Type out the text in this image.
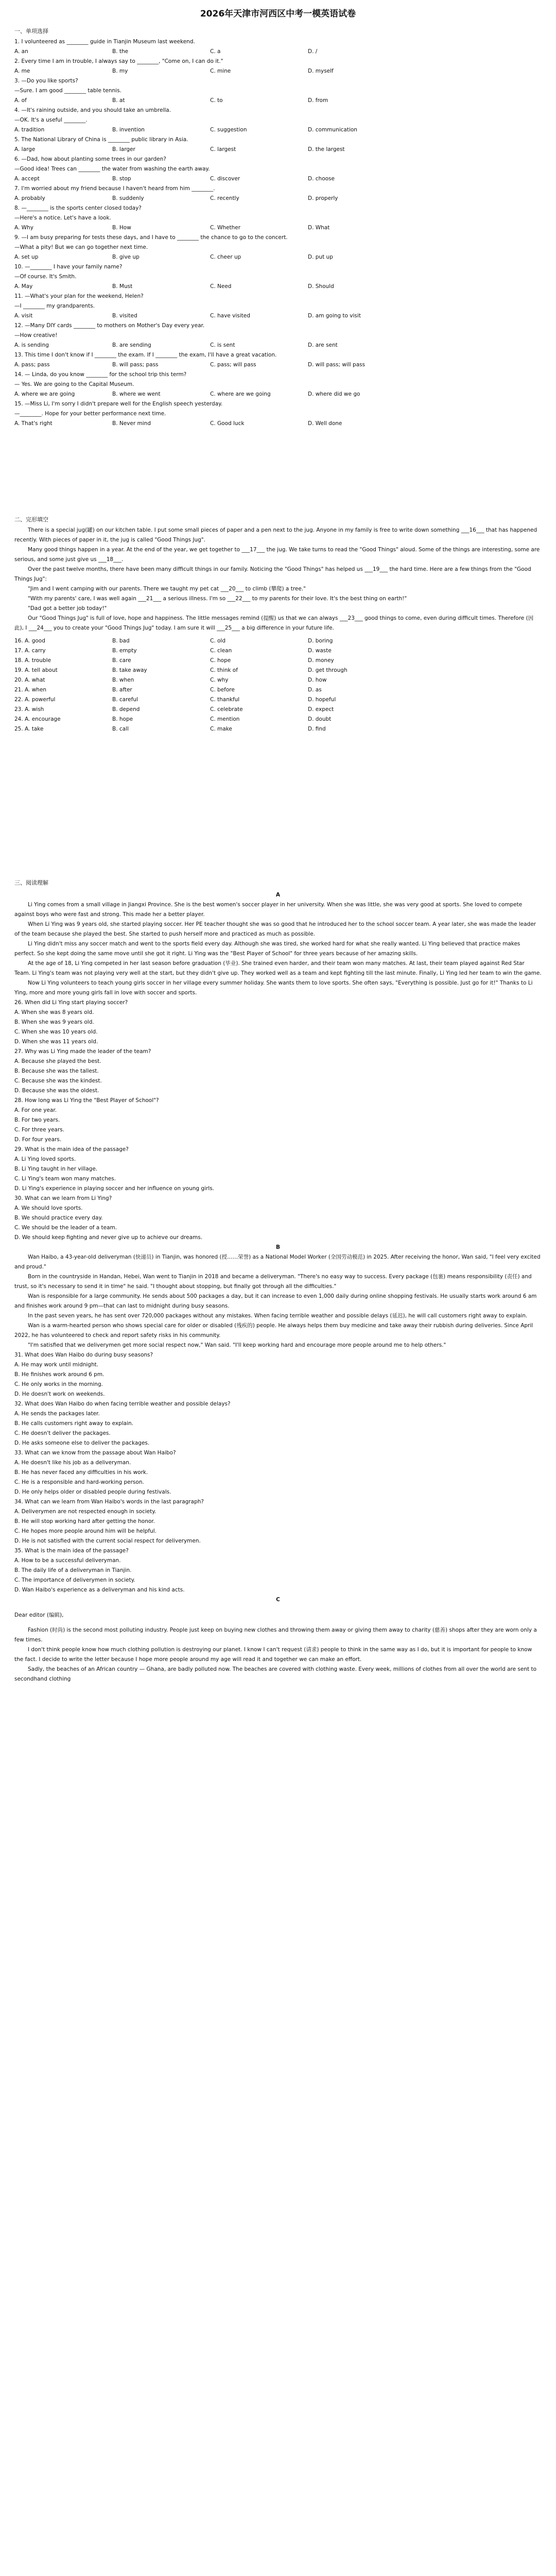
2026年天津市河西区中考一模英语试卷
一、单项选择
1. I volunteered as ________ guide in Tianjin Museum last weekend.
A. an	B. the	C. a	D. /
2. Every time I am in trouble, I always say to ________, "Come on, I can do it."
A. me	B. my	C. mine	D. myself
3. —Do you like sports?
—Sure. I am good ________ table tennis.
A. of	B. at	C. to	D. from
4. —It's raining outside, and you should take an umbrella.
—OK. It's a useful ________.
A. tradition	B. invention	C. suggestion	D. communication
5. The National Library of China is ________ public library in Asia.
A. large	B. larger	C. largest	D. the largest
6. —Dad, how about planting some trees in our garden?
—Good idea! Trees can ________ the water from washing the earth away.
A. accept	B. stop	C. discover	D. choose
7. I'm worried about my friend because I haven't heard from him ________.
A. probably	B. suddenly	C. recently	D. properly
8. —________ is the sports center closed today?
—Here's a notice. Let's have a look.
A. Why	B. How	C. Whether	D. What
9. —I am busy preparing for tests these days, and I have to ________ the chance to go to the concert.
—What a pity! But we can go together next time.
A. set up	B. give up	C. cheer up	D. put up
10. —________ I have your family name?
—Of course. It's Smith.
A. May	B. Must	C. Need	D. Should
11. —What's your plan for the weekend, Helen?
—I ________ my grandparents.
A. visit	B. visited	C. have visited	D. am going to visit
12. —Many DIY cards ________ to mothers on Mother's Day every year.
—How creative!
A. is sending	B. are sending	C. is sent	D. are sent
13. This time I don't know if I ________ the exam. If I ________ the exam, I'll have a great vacation.
A. pass; pass	B. will pass; pass	C. pass; will pass	D. will pass; will pass
14. — Linda, do you know ________ for the school trip this term?
— Yes. We are going to the Capital Museum.
A. where we are going	B. where we went	C. where are we going	D. where did we go
15. —Miss Li, I'm sorry I didn't prepare well for the English speech yesterday.
—________. Hope for your better performance next time.
A. That's right	B. Never mind	C. Good luck	D. Well done
二、完形填空

There is a special jug(罐) on our kitchen table. I put some small pieces of paper and a pen next to the jug. Anyone in my family is free to write down something ___16___ that has happened recently. With pieces of paper in it, the jug is called "Good Things Jug".

Many good things happen in a year. At the end of the year, we get together to ___17___ the jug. We take turns to read the "Good Things" aloud. Some of the things are interesting, some are serious, and some just give us ___18___.

Over the past twelve months, there have been many difficult things in our family. Noticing the "Good Things" has helped us ___19___ the hard time. Here are a few things from the "Good Things Jug":

"Jim and I went camping with our parents. There we taught my pet cat ___20___ to climb (攀爬) a tree."

"With my parents' care, I was well again ___21___ a serious illness. I'm so ___22___ to my parents for their love. It's the best thing on earth!"

"Dad got a better job today!"

Our "Good Things Jug" is full of love, hope and happiness. The little messages remind (提醒) us that we can always ___23___ good things to come, even during difficult times. Therefore (因此), I ___24___ you to create your "Good Things Jug" today. I am sure it will ___25___ a big difference in your future life.

16. A. good	B. bad	C. old	D. boring
17. A. carry	B. empty	C. clean	D. waste
18. A. trouble	B. care	C. hope	D. money
19. A. tell about	B. take away	C. think of	D. get through
20. A. what	B. when	C. why	D. how
21. A. when	B. after	C. before	D. as
22. A. powerful	B. careful	C. thankful	D. hopeful
23. A. wish	B. depend	C. celebrate	D. expect
24. A. encourage	B. hope	C. mention	D. doubt
25. A. take	B. call	C. make	D. find
三、阅读理解
A

Li Ying comes from a small village in Jiangxi Province. She is the best women's soccer player in her university. When she was little, she was very good at sports. She loved to compete against boys who were fast and strong. This made her a better player.

When Li Ying was 9 years old, she started playing soccer. Her PE teacher thought she was so good that he introduced her to the school soccer team. A year later, she was made the leader of the team because she played the best. She started to push herself more and practiced as much as possible.

Li Ying didn't miss any soccer match and went to the sports field every day. Although she was tired, she worked hard for what she really wanted. Li Ying believed that practice makes perfect. So she kept doing the same move until she got it right. Li Ying was the "Best Player of School" for three years because of her amazing skills.

At the age of 18, Li Ying competed in her last season before graduation (毕业). She trained even harder, and their team won many matches. At last, their team played against Red Star Team. Li Ying's team was not playing very well at the start, but they didn't give up. They worked well as a team and kept fighting till the last minute. Finally, Li Ying led her team to win the game.

Now Li Ying volunteers to teach young girls soccer in her village every summer holiday. She wants them to love sports. She often says, "Everything is possible. Just go for it!" Thanks to Li Ying, more and more young girls fall in love with soccer and sports.

26. When did Li Ying start playing soccer?
A. When she was 8 years old.
B. When she was 9 years old.
C. When she was 10 years old.
D. When she was 11 years old.
27. Why was Li Ying made the leader of the team?
A. Because she played the best.
B. Because she was the tallest.
C. Because she was the kindest.
D. Because she was the oldest.
28. How long was Li Ying the "Best Player of School"?
A. For one year.
B. For two years.
C. For three years.
D. For four years.
29. What is the main idea of the passage?
A. Li Ying loved sports.
B. Li Ying taught in her village.
C. Li Ying's team won many matches.
D. Li Ying's experience in playing soccer and her influence on young girls.
30. What can we learn from Li Ying?
A. We should love sports.
B. We should practice every day.
C. We should be the leader of a team.
D. We should keep fighting and never give up to achieve our dreams.
B

Wan Haibo, a 43-year-old deliveryman (快递员) in Tianjin, was honored (授……荣誉) as a National Model Worker (全国劳动模范) in 2025. After receiving the honor, Wan said, "I feel very excited and proud."

Born in the countryside in Handan, Hebei, Wan went to Tianjin in 2018 and became a deliveryman. "There's no easy way to success. Every package (包裹) means responsibility (责任) and trust, so it's necessary to send it in time" he said. "I thought about stopping, but finally got through all the difficulties."

Wan is responsible for a large community. He sends about 500 packages a day, but it can increase to even 1,000 daily during online shopping festivals. He usually starts work around 6 am and finishes work around 9 pm—that can last to midnight during busy seasons.

In the past seven years, he has sent over 720,000 packages without any mistakes. When facing terrible weather and possible delays (延迟), he will call customers right away to explain.

Wan is a warm-hearted person who shows special care for older or disabled (残疾的) people. He always helps them buy medicine and take away their rubbish during deliveries. Since April 2022, he has volunteered to check and report safety risks in his community.

"I'm satisfied that we deliverymen get more social respect now," Wan said. "I'll keep working hard and encourage more people around me to help others."

31. What does Wan Haibo do during busy seasons?
A. He may work until midnight.
B. He finishes work around 6 pm.
C. He only works in the morning.
D. He doesn't work on weekends.
32. What does Wan Haibo do when facing terrible weather and possible delays?
A. He sends the packages later.
B. He calls customers right away to explain.
C. He doesn't deliver the packages.
D. He asks someone else to deliver the packages.
33. What can we know from the passage about Wan Haibo?
A. He doesn't like his job as a deliveryman.
B. He has never faced any difficulties in his work.
C. He is a responsible and hard-working person.
D. He only helps older or disabled people during festivals.
34. What can we learn from Wan Haibo's words in the last paragraph?
A. Deliverymen are not respected enough in society.
B. He will stop working hard after getting the honor.
C. He hopes more people around him will be helpful.
D. He is not satisfied with the current social respect for deliverymen.
35. What is the main idea of the passage?
A. How to be a successful deliveryman.
B. The daily life of a deliveryman in Tianjin.
C. The importance of deliverymen in society.
D. Wan Haibo's experience as a deliveryman and his kind acts.
C

Dear editor (编辑),

Fashion (时尚) is the second most polluting industry. People just keep on buying new clothes and throwing them away or giving them away to charity (慈善) shops after they are worn only a few times.

I don't think people know how much clothing pollution is destroying our planet. I know I can't request (请求) people to think in the same way as I do, but it is important for people to know the fact. I decide to write the letter because I hope more people around my age will read it and together we can make an effort.

Sadly, the beaches of an African country — Ghana, are badly polluted now. The beaches are covered with clothing waste. Every week, millions of clothes from all over the world are sent to secondhand clothing
